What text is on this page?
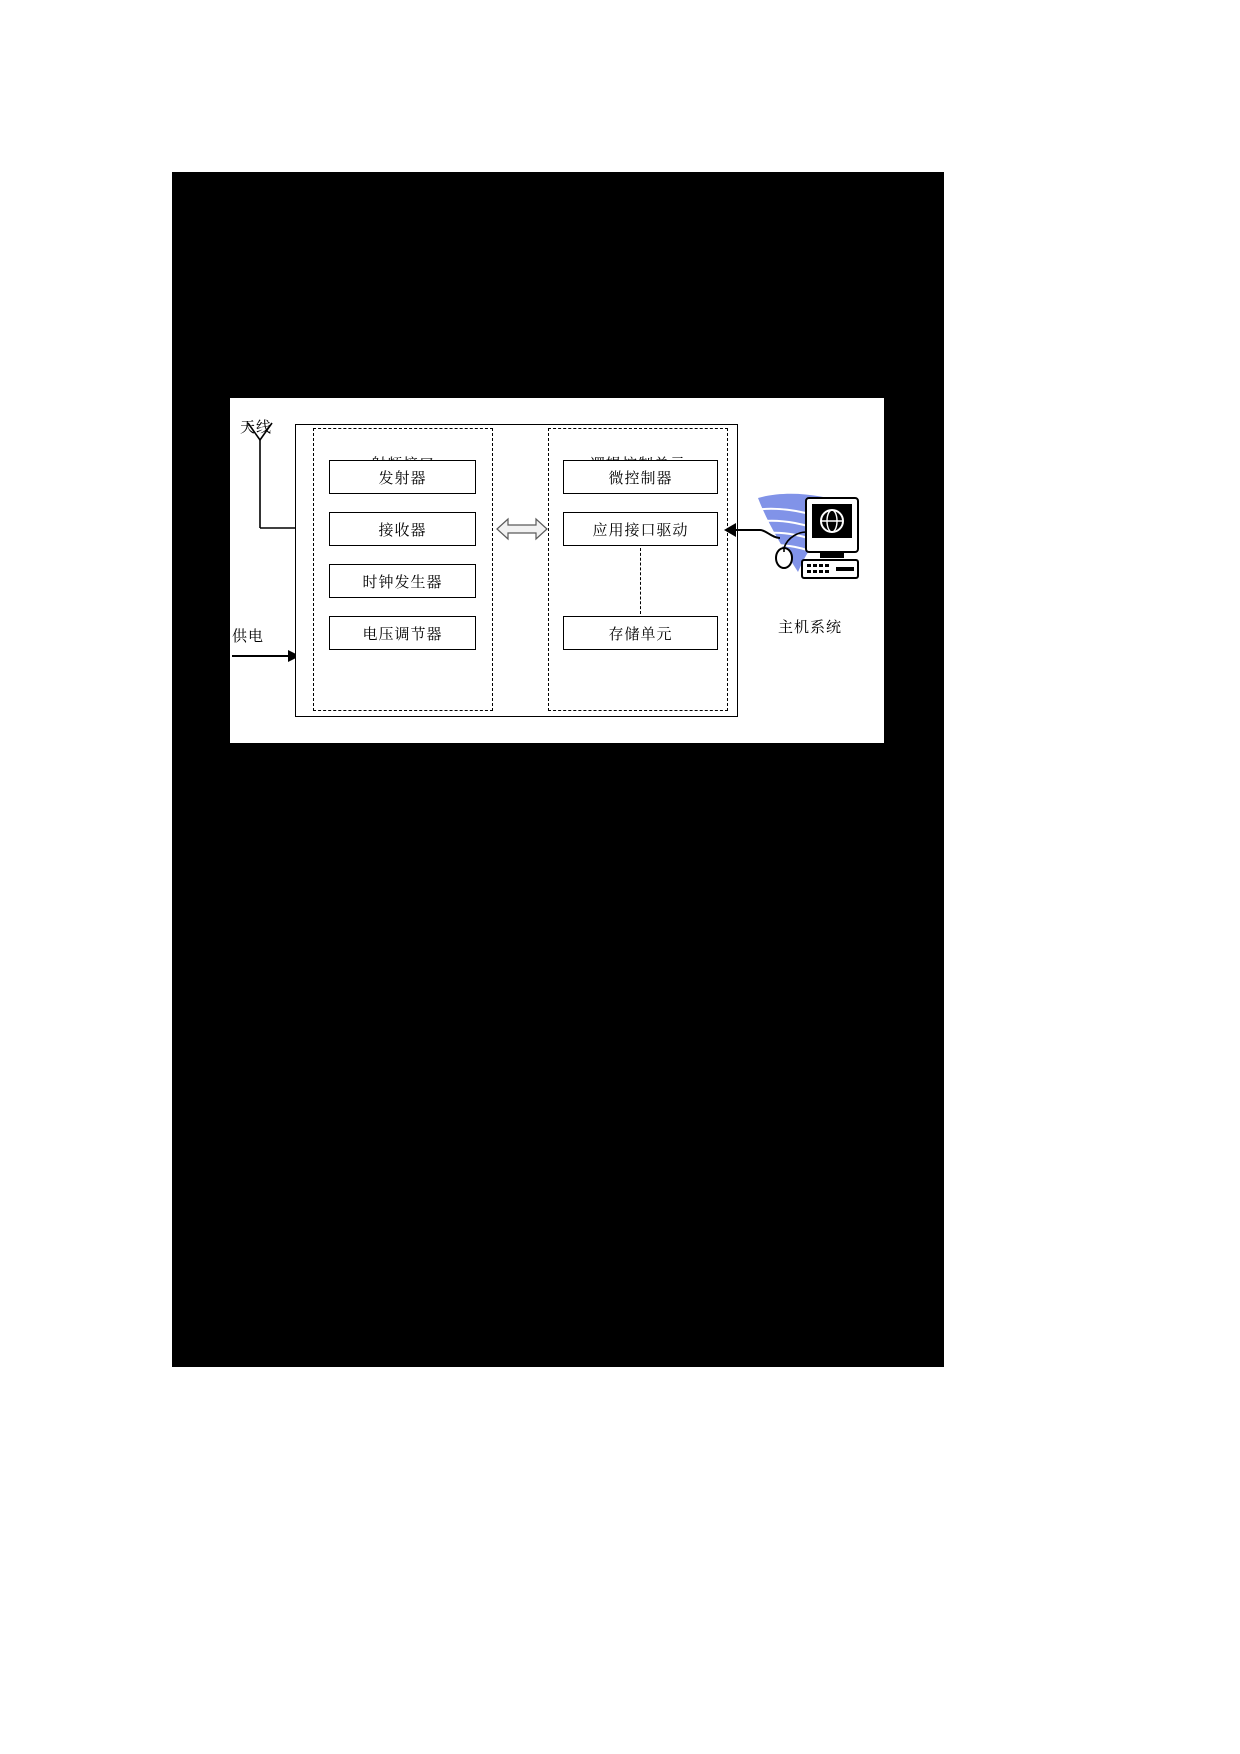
天线
供电
发射器
接收器
时钟发生器
电压调节器
微控制器
应用接口驱动
存储单元	主机系统
